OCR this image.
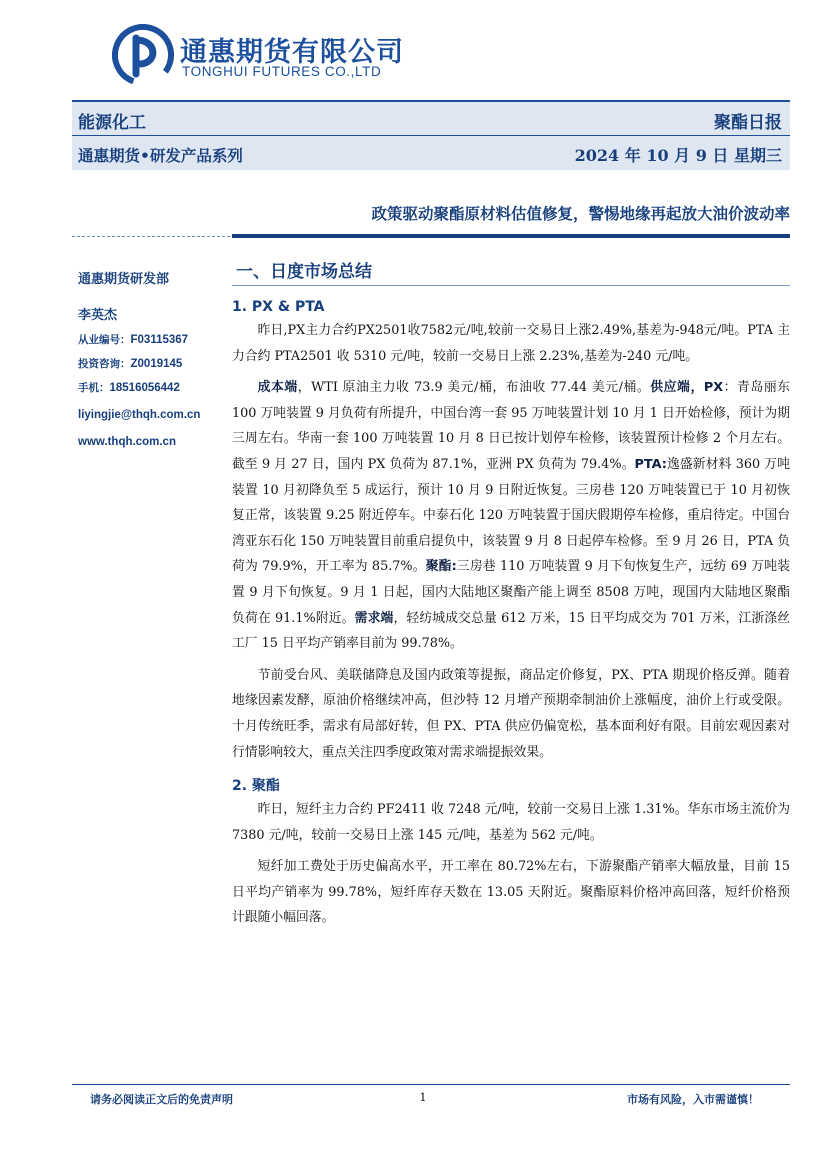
通惠期货有限公司
TONGHUI FUTURES CO.,LTD
能源化工	聚酯日报
通惠期货•研发产品系列	2024 年 10 月 9 日 星期三
政策驱动聚酯原材料估值修复，警惕地缘再起放大油价波动率
通惠期货研发部
李英杰
从业编号：F03115367
投资咨询：Z0019145
手机：18516056442
liyingjie@thqh.com.cn
www.thqh.com.cn
一、日度市场总结
1. PX & PTA

昨日,PX主力合约PX2501收7582元/吨,较前一交易日上涨2.49%,基差为-948元/吨。PTA 主力合约 PTA2501 收 5310 元/吨，较前一交易日上涨 2.23%,基差为-240 元/吨。

成本端，WTI 原油主力收 73.9 美元/桶，布油收 77.44 美元/桶。供应端，PX：青岛丽东 100 万吨装置 9 月负荷有所提升，中国台湾一套 95 万吨装置计划 10 月 1 日开始检修，预计为期三周左右。华南一套 100 万吨装置 10 月 8 日已按计划停车检修，该装置预计检修 2 个月左右。截至 9 月 27 日，国内 PX 负荷为 87.1%，亚洲 PX 负荷为 79.4%。PTA:逸盛新材料 360 万吨装置 10 月初降负至 5 成运行，预计 10 月 9 日附近恢复。三房巷 120 万吨装置已于 10 月初恢复正常，该装置 9.25 附近停车。中泰石化 120 万吨装置于国庆假期停车检修，重启待定。中国台湾亚东石化 150 万吨装置目前重启提负中，该装置 9 月 8 日起停车检修。至 9 月 26 日，PTA 负荷为 79.9%，开工率为 85.7%。聚酯:三房巷 110 万吨装置 9 月下旬恢复生产，远纺 69 万吨装置 9 月下旬恢复。9 月 1 日起，国内大陆地区聚酯产能上调至 8508 万吨，现国内大陆地区聚酯负荷在 91.1%附近。需求端，轻纺城成交总量 612 万米，15 日平均成交为 701 万米，江浙涤丝工厂 15 日平均产销率目前为 99.78%。

节前受台风、美联储降息及国内政策等提振，商品定价修复，PX、PTA 期现价格反弹。随着地缘因素发酵，原油价格继续冲高，但沙特 12 月增产预期牵制油价上涨幅度，油价上行或受限。十月传统旺季，需求有局部好转，但 PX、PTA 供应仍偏宽松，基本面利好有限。目前宏观因素对行情影响较大，重点关注四季度政策对需求端提振效果。

2. 聚酯

昨日，短纤主力合约 PF2411 收 7248 元/吨，较前一交易日上涨 1.31%。华东市场主流价为 7380 元/吨，较前一交易日上涨 145 元/吨，基差为 562 元/吨。

短纤加工费处于历史偏高水平，开工率在 80.72%左右，下游聚酯产销率大幅放量，目前 15 日平均产销率为 99.78%，短纤库存天数在 13.05 天附近。聚酯原料价格冲高回落，短纤价格预计跟随小幅回落。

请务必阅读正文后的免责声明	1	市场有风险，入市需谨慎！
